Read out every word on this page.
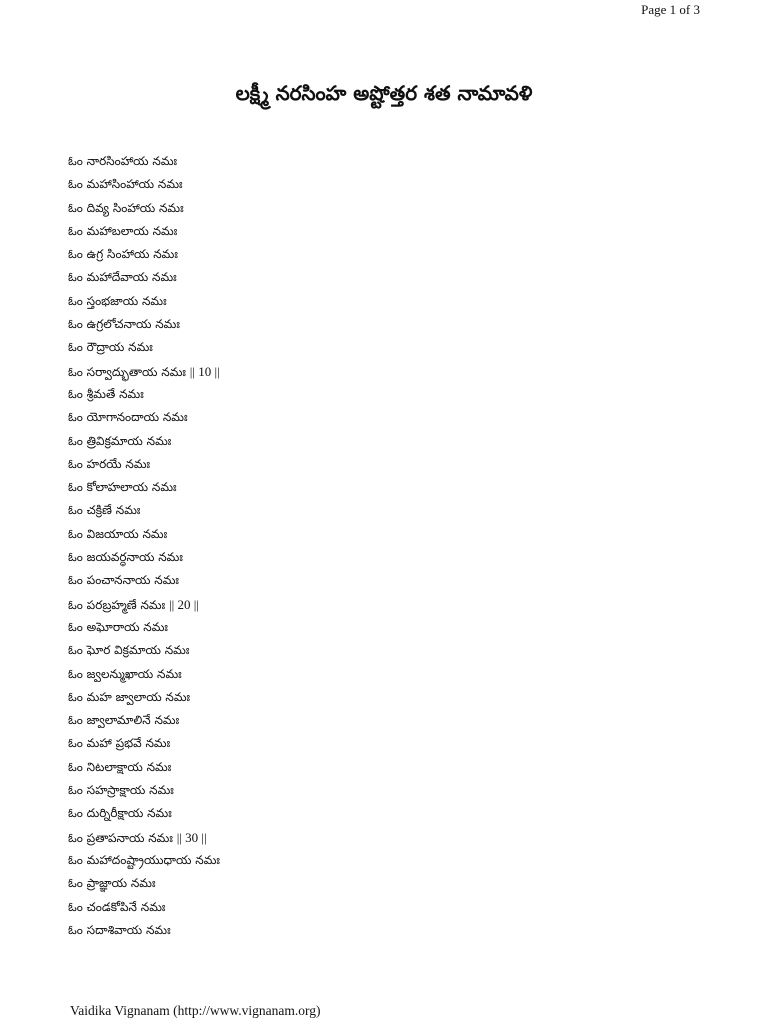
Page 1 of 3
లక్ష్మీ నరసింహ అష్టోత్తర శత నామావళి
ఓం నారసింహాయ నమః
ఓం మహాసింహాయ నమః
ఓం దివ్య సింహాయ నమః
ఓం మహాబలాయ నమః
ఓం ఉగ్ర సింహాయ నమః
ఓం మహాదేవాయ నమః
ఓం స్తంభజాయ నమః
ఓం ఉగ్రలోచనాయ నమః
ఓం రౌద్రాయ నమః
ఓం సర్వాద్భుతాయ నమః || 10 ||
ఓం శ్రీమతే నమః
ఓం యోగానందాయ నమః
ఓం త్రివిక్రమాయ నమః
ఓం హరయే నమః
ఓం కోలాహలాయ నమః
ఓం చక్రిణే నమః
ఓం విజయాయ నమః
ఓం జయవర్ధనాయ నమః
ఓం పంచాననాయ నమః
ఓం పరబ్రహ్మణే నమః || 20 ||
ఓం అఘోరాయ నమః
ఓం ఘోర విక్రమాయ నమః
ఓం జ్వలన్ముఖాయ నమః
ఓం మహ జ్వాలాయ నమః
ఓం జ్వాలామాలినే నమః
ఓం మహా ప్రభవే నమః
ఓం నిటలాక్షాయ నమః
ఓం సహస్రాక్షాయ నమః
ఓం దుర్నిరీక్షాయ నమః
ఓం ప్రతాపనాయ నమః || 30 ||
ఓం మహాదంష్ట్రాయుధాయ నమః
ఓం ప్రాజ్ఞాయ నమః
ఓం చండకోపినే నమః
ఓం సదాశివాయ నమః
Vaidika Vignanam (http://www.vignanam.org)
